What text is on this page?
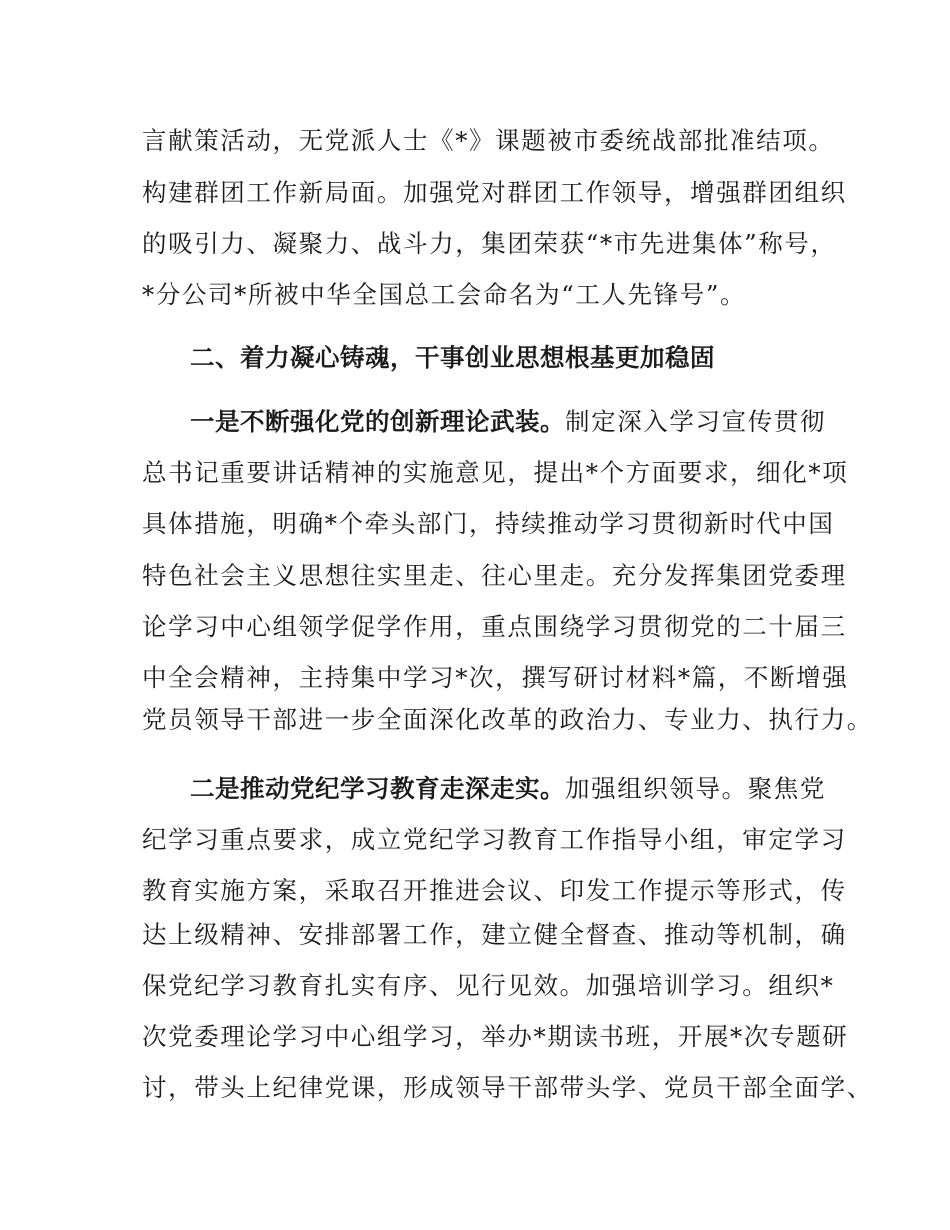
言献策活动，无党派人士《*》课题被市委统战部批准结项。
构建群团工作新局面。加强党对群团工作领导，增强群团组织
的吸引力、凝聚力、战斗力，集团荣获“*市先进集体”称号，
*分公司*所被中华全国总工会命名为“工人先锋号”。
二、着力凝心铸魂，干事创业思想根基更加稳固
一是不断强化党的创新理论武装。制定深入学习宣传贯彻
总书记重要讲话精神的实施意见，提出*个方面要求，细化*项
具体措施，明确*个牵头部门，持续推动学习贯彻新时代中国
特色社会主义思想往实里走、往心里走。充分发挥集团党委理
论学习中心组领学促学作用，重点围绕学习贯彻党的二十届三
中全会精神，主持集中学习*次，撰写研讨材料*篇，不断增强
党员领导干部进一步全面深化改革的政治力、专业力、执行力。
二是推动党纪学习教育走深走实。加强组织领导。聚焦党
纪学习重点要求，成立党纪学习教育工作指导小组，审定学习
教育实施方案，采取召开推进会议、印发工作提示等形式，传
达上级精神、安排部署工作，建立健全督查、推动等机制，确
保党纪学习教育扎实有序、见行见效。加强培训学习。组织*
次党委理论学习中心组学习，举办*期读书班，开展*次专题研
讨，带头上纪律党课，形成领导干部带头学、党员干部全面学、
